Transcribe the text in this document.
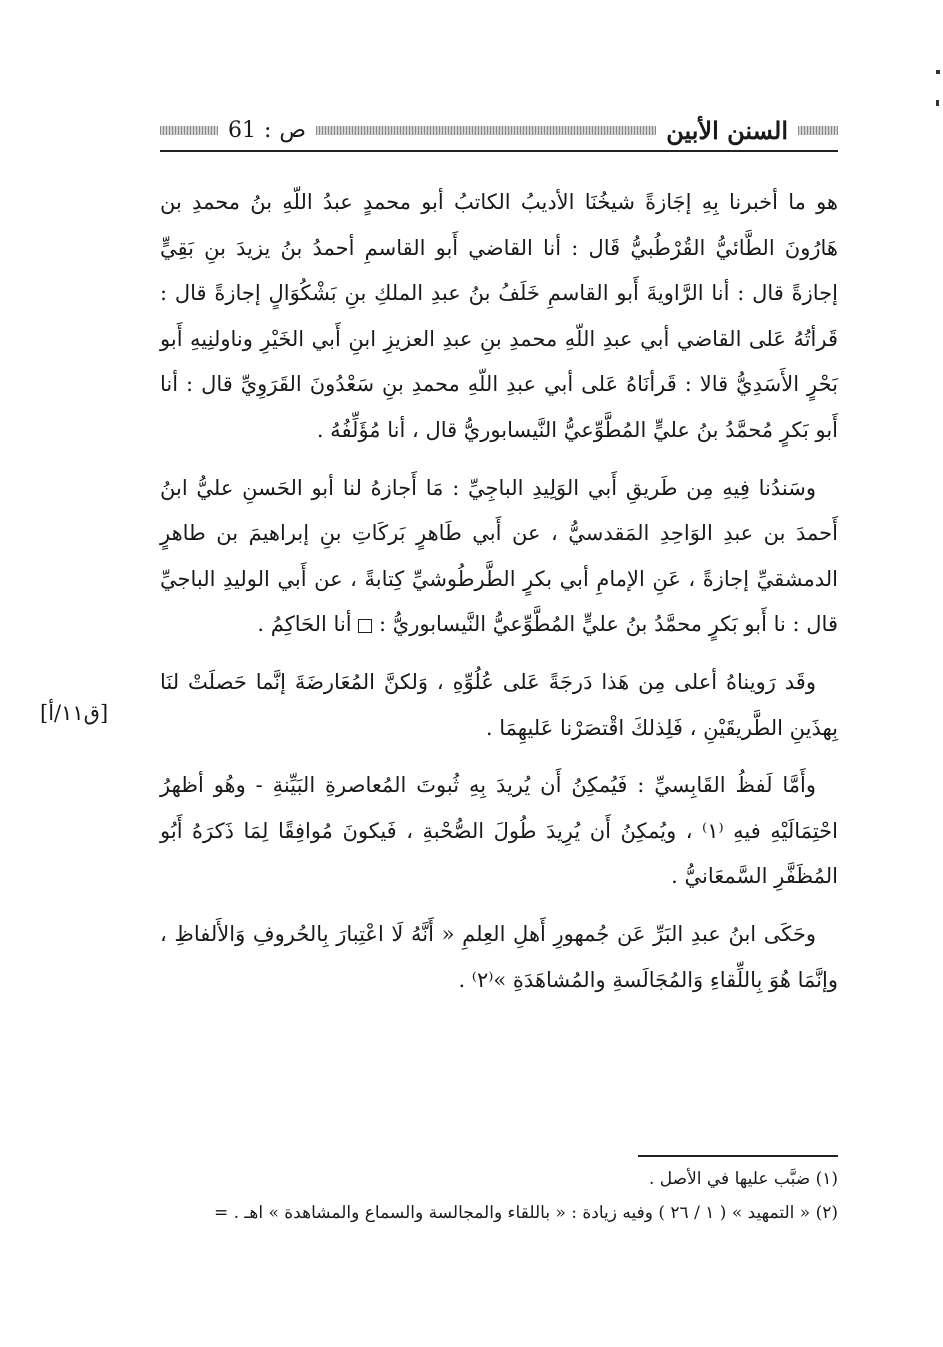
السنن الأبين
ص
:
61

هو ما أخبرنا بِهِ إجَازةً شيخُنَا الأديبُ الكاتبُ أبو محمدٍ عبدُ اللّهِ بنُ محمدِ بن هَارُونَ الطَّائيُّ القُرْطُبيُّ قَال : أنا القاضي أَبو القاسمِ أحمدُ بنُ يزيدَ بنِ بَقِيٍّ إجازةً قال : أنا الرَّاويةَ أَبو القاسمِ خَلَفُ بنُ عبدِ الملكِ بنِ بَشْكُوَالٍ إجازةً قال : قَرأتُهُ عَلى القاضي أبي عبدِ اللّهِ محمدِ بنِ عبدِ العزيزِ ابنِ أَبي الخَيْرِ وناولنِيهِ أَبو بَحْرٍ الأَسَدِيُّ قالا : قَرأنَاهُ عَلى أبي عبدِ اللّهِ محمدِ بنِ سَعْدُونَ القَرَوِيِّ قال : أنا أَبو بَكرٍ مُحمَّدُ بنُ عليٍّ المُطَّوِّعيُّ النَّيسابوريُّ قال ، أنا مُؤَلِّفُهُ .

وسَندُنا فِيهِ مِن طَريقِ أَبي الوَلِيدِ الباجِيِّ : مَا أَجازهُ لنا أبو الحَسنِ عليُّ ابنُ أَحمدَ بن عبدِ الوَاحِدِ المَقدسيُّ ، عن أَبي طَاهرٍ بَركَاتِ بنِ إبراهيمَ بن طاهرٍ الدمشقيِّ إجازةً ، عَنِ الإمامِ أبي بكرٍ الطَّرطُوشيِّ كِتابةً ، عن أَبي الوليدِ الباجيِّ قال : نا أَبو بَكرٍ محمَّدُ بنُ عليٍّ المُطَّوِّعيُّ النَّيسابوريُّ :  أنا الحَاكِمُ .

وقَد رَويناهُ أعلى مِن هَذا دَرجَةً عَلى عُلُوِّهِ ، وَلكنَّ المُعَارضَةَ إنَّما حَصلَتْ لنَا بِهذَينِ الطَّريقَيْنِ ، فَلِذلكَ اقْتصَرْنا عَليهِمَا .

وأَمَّا لَفظُ القَابِسيِّ : فَيُمكِنُ أَن يُريدَ بِهِ ثُبوتَ المُعاصرةِ البَيِّنةِ - وهُو أظهرُ احْتِمَالَيْهِ فيهِ ⁽١⁾ ، ويُمكِنُ أَن يُرِيدَ طُولَ الصُّحْبةِ ، فَيكونَ مُوافِقًا لِمَا ذَكرَهُ أَبُو المُظَفَّرِ السَّمعَانيُّ .

وحَكَى ابنُ عبدِ البَرِّ عَن جُمهورِ أَهلِ العِلمِ « أَنَّهُ لَا اعْتِبارَ بِالحُروفِ وَالأَلفاظِ ، وإنَّمَا هُوَ بِاللِّقاءِ وَالمُجَالَسةِ والمُشاهَدَةِ »⁽٢⁾ .

[ق١١/أ]

(١) ضبَّب عليها في الأصل .

(٢) « التمهيد » ( ١ / ٢٦ ) وفيه زيادة : « باللقاء والمجالسة والسماع والمشاهدة » اهـ . =
